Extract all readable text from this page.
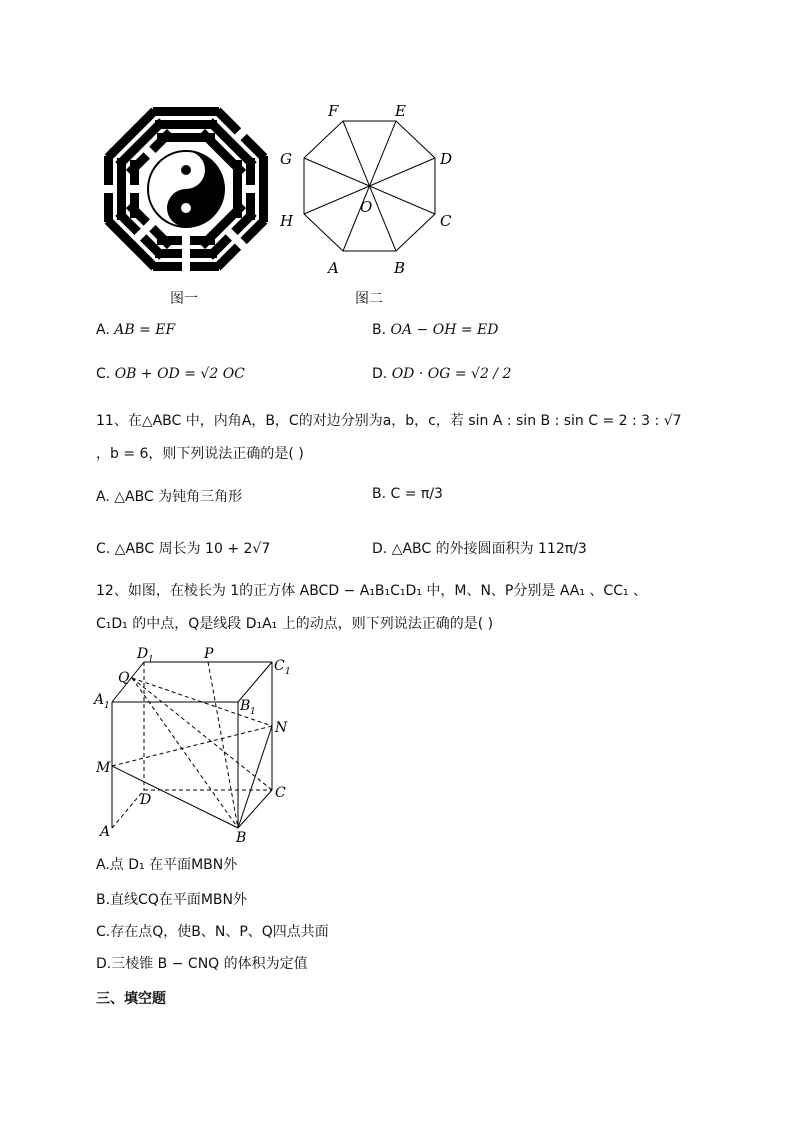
图一
F	E
D
C
B
A
H
G
O
图二
A. AB = EF	B. OA − OH = ED
C. OB + OD = √2 OC	D. OD · OG = √2 / 2
11、在△ABC 中，内角A，B，C的对边分别为a，b，c，若 sin A : sin B : sin C = 2 : 3 : √7
，b = 6，则下列说法正确的是( )
A. △ABC 为钝角三角形	B. C = π/3
C. △ABC 周长为 10 + 2√7	D. △ABC 的外接圆面积为 112π/3
12、如图，在棱长为 1的正方体 ABCD − A₁B₁C₁D₁ 中，M、N、P分别是 AA₁ 、CC₁ 、
C₁D₁ 的中点，Q是线段 D₁A₁ 上的动点，则下列说法正确的是( )
D 1	P
C 1
Q
A 1	B 1
N
M
D	C
A	B
A.点 D₁ 在平面MBN外
B.直线CQ在平面MBN外
C.存在点Q，使B、N、P、Q四点共面
D.三棱锥 B − CNQ 的体积为定值
三、填空题
